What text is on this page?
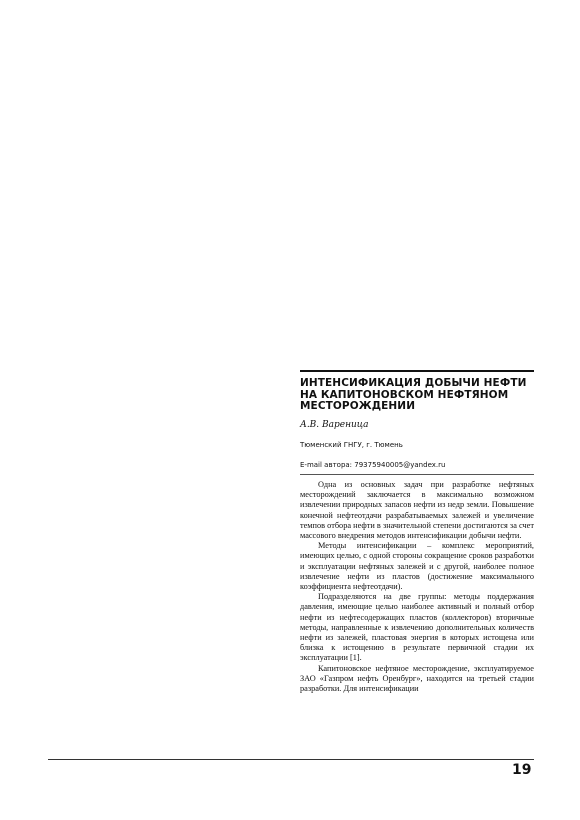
ИНТЕНСИФИКАЦИЯ ДОБЫЧИ НЕФТИ НА КАПИТОНОВСКОМ НЕФТЯНОМ МЕСТОРОЖДЕНИИ
А.В. Вареница
Тюменский ГНГУ, г. Тюмень
E-mail автора: 79375940005@yandex.ru

Одна из основных задач при разработке нефтяных месторождений заключается в максимально возможном извлечении природных запасов нефти из недр земли. Повышение конечной нефтеотдачи разрабатываемых залежей и увеличение темпов отбора нефти в значительной степени достигаются за счет массового внедрения методов интенсификации добычи нефти.

Методы интенсификации – комплекс мероприятий, имеющих целью, с одной стороны сокращение сроков разработки и эксплуатации нефтяных залежей и с другой, наиболее полное извлечение нефти из пластов (достижение максимального коэффициента нефтеотдачи).

Подразделяются на две группы: методы поддержания давления, имеющие целью наиболее активный и полный отбор нефти из нефтесодержащих пластов (коллекторов) вторичные методы, направленные к извлечению дополнительных количеств нефти из залежей, пластовая энергия в которых истощена или близка к истощению в результате первичной стадии их эксплуатации [1].

Капитоновское нефтяное месторождение, эксплуатируемое ЗАО «Газпром нефть Оренбург», находится на третьей стадии разработки. Для интенсификации

19
